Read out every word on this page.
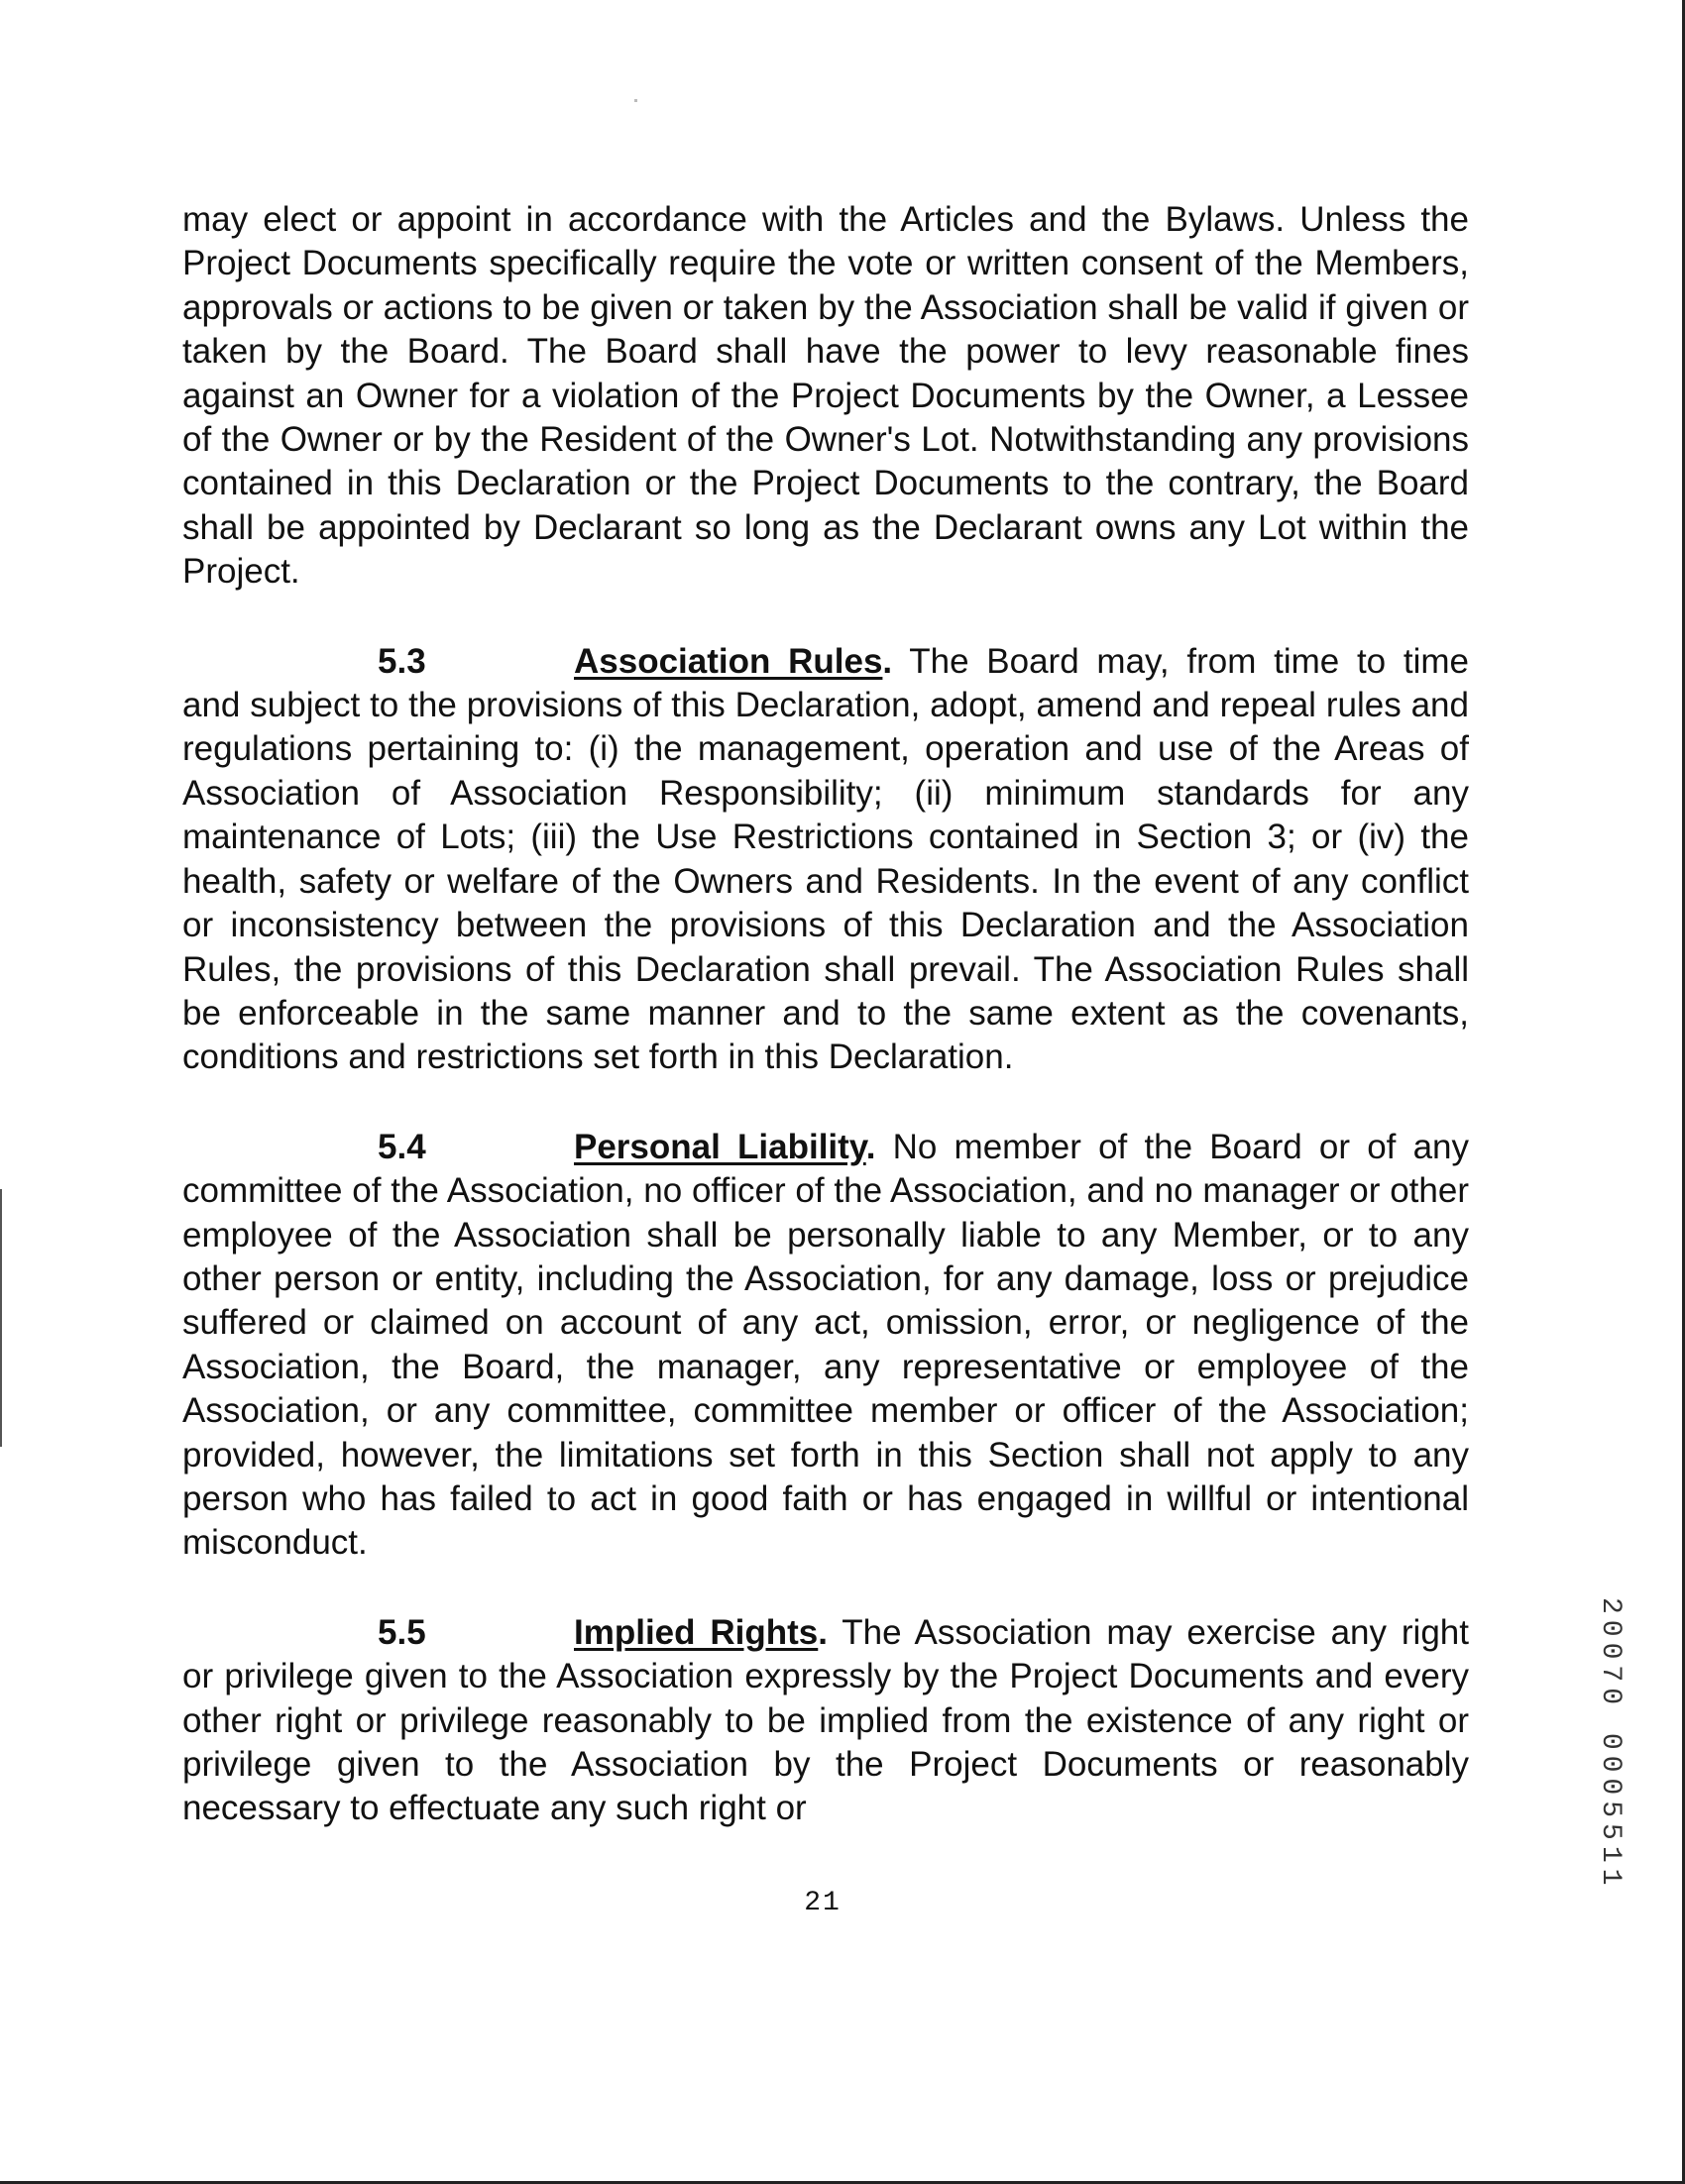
may elect or appoint in accordance with the Articles and the Bylaws. Unless the Project Documents specifically require the vote or written consent of the Members, approvals or actions to be given or taken by the Association shall be valid if given or taken by the Board. The Board shall have the power to levy reasonable fines against an Owner for a violation of the Project Documents by the Owner, a Lessee of the Owner or by the Resident of the Owner's Lot. Notwithstanding any provisions contained in this Declaration or the Project Documents to the contrary, the Board shall be appointed by Declarant so long as the Declarant owns any Lot within the Project.

5.3	Association Rules. The Board may, from time to time and subject to the provisions of this Declaration, adopt, amend and repeal rules and regulations pertaining to: (i) the management, operation and use of the Areas of Association of Association Responsibility; (ii) minimum standards for any maintenance of Lots; (iii) the Use Restrictions contained in Section 3; or (iv) the health, safety or welfare of the Owners and Residents. In the event of any conflict or inconsistency between the provisions of this Declaration and the Association Rules, the provisions of this Declaration shall prevail. The Association Rules shall be enforceable in the same manner and to the same extent as the covenants, conditions and restrictions set forth in this Declaration.

5.4	Personal Liability. No member of the Board or of any committee of the Association, no officer of the Association, and no manager or other employee of the Association shall be personally liable to any Member, or to any other person or entity, including the Association, for any damage, loss or prejudice suffered or claimed on account of any act, omission, error, or negligence of the Association, the Board, the manager, any representative or employee of the Association, or any committee, committee member or officer of the Association; provided, however, the limitations set forth in this Section shall not apply to any person who has failed to act in good faith or has engaged in willful or intentional misconduct.

5.5	Implied Rights. The Association may exercise any right or privilege given to the Association expressly by the Project Documents and every other right or privilege reasonably to be implied from the existence of any right or privilege given to the Association by the Project Documents or reasonably necessary to effectuate any such right or

21
20070 0005511
